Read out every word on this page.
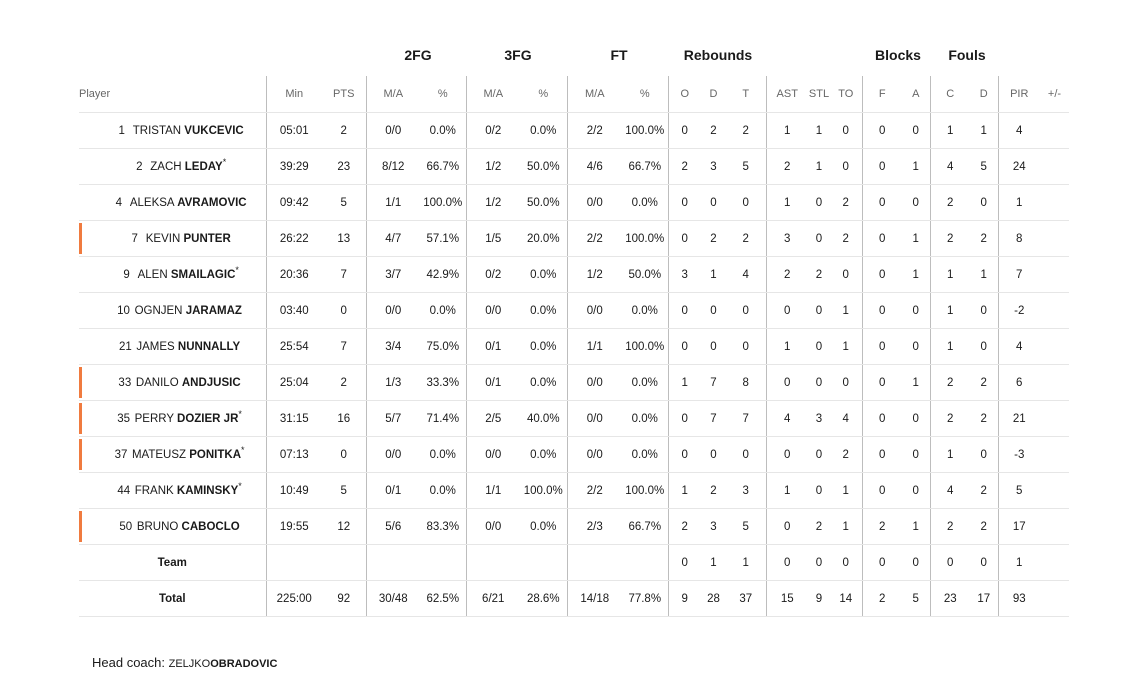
2FG	3FG	FT	Rebounds	Blocks Fouls
Player	Min	PTS	M/A	%	M/A	%	M/A	%	O	D	T	AST	STL	TO	F	A	C	D	PIR	+/-
1 TRISTAN VUKCEVIC	05:01	2	0/0	0.0%	0/2	0.0%	2/2	100.0%	0	2	2	1	1	0	0	0	1	1	4	
2 ZACH LEDAY*	39:29	23	8/12	66.7%	1/2	50.0%	4/6	66.7%	2	3	5	2	1	0	0	1	4	5	24	
4 ALEKSA AVRAMOVIC	09:42	5	1/1	100.0%	1/2	50.0%	0/0	0.0%	0	0	0	1	0	2	0	0	2	0	1	

7 KEVIN PUNTER	26:22	13	4/7	57.1%	1/5	20.0%	2/2	100.0%	0	2	2	3	0	2	0	1	2	2	8	
9 ALEN SMAILAGIC*	20:36	7	3/7	42.9%	0/2	0.0%	1/2	50.0%	3	1	4	2	2	0	0	1	1	1	7	
10 OGNJEN JARAMAZ	03:40	0	0/0	0.0%	0/0	0.0%	0/0	0.0%	0	0	0	0	0	1	0	0	1	0	-2	
21 JAMES NUNNALLY	25:54	7	3/4	75.0%	0/1	0.0%	1/1	100.0%	0	0	0	1	0	1	0	0	1	0	4	

33 DANILO ANDJUSIC	25:04	2	1/3	33.3%	0/1	0.0%	0/0	0.0%	1	7	8	0	0	0	0	1	2	2	6	

35 PERRY DOZIER JR*	31:15	16	5/7	71.4%	2/5	40.0%	0/0	0.0%	0	7	7	4	3	4	0	0	2	2	21	

37 MATEUSZ PONITKA*	07:13	0	0/0	0.0%	0/0	0.0%	0/0	0.0%	0	0	0	0	0	2	0	0	1	0	-3	
44 FRANK KAMINSKY*	10:49	5	0/1	0.0%	1/1	100.0%	2/2	100.0%	1	2	3	1	0	1	0	0	4	2	5	

50 BRUNO CABOCLO	19:55	12	5/6	83.3%	0/0	0.0%	2/3	66.7%	2	3	5	0	2	1	2	1	2	2	17	
Team									0	1	1	0	0	0	0	0	0	0	1	
Total	225:00	92	30/48	62.5%	6/21	28.6%	14/18	77.8%	9	28	37	15	9	14	2	5	23	17	93	
Head coach: ZELJKOOBRADOVIC
